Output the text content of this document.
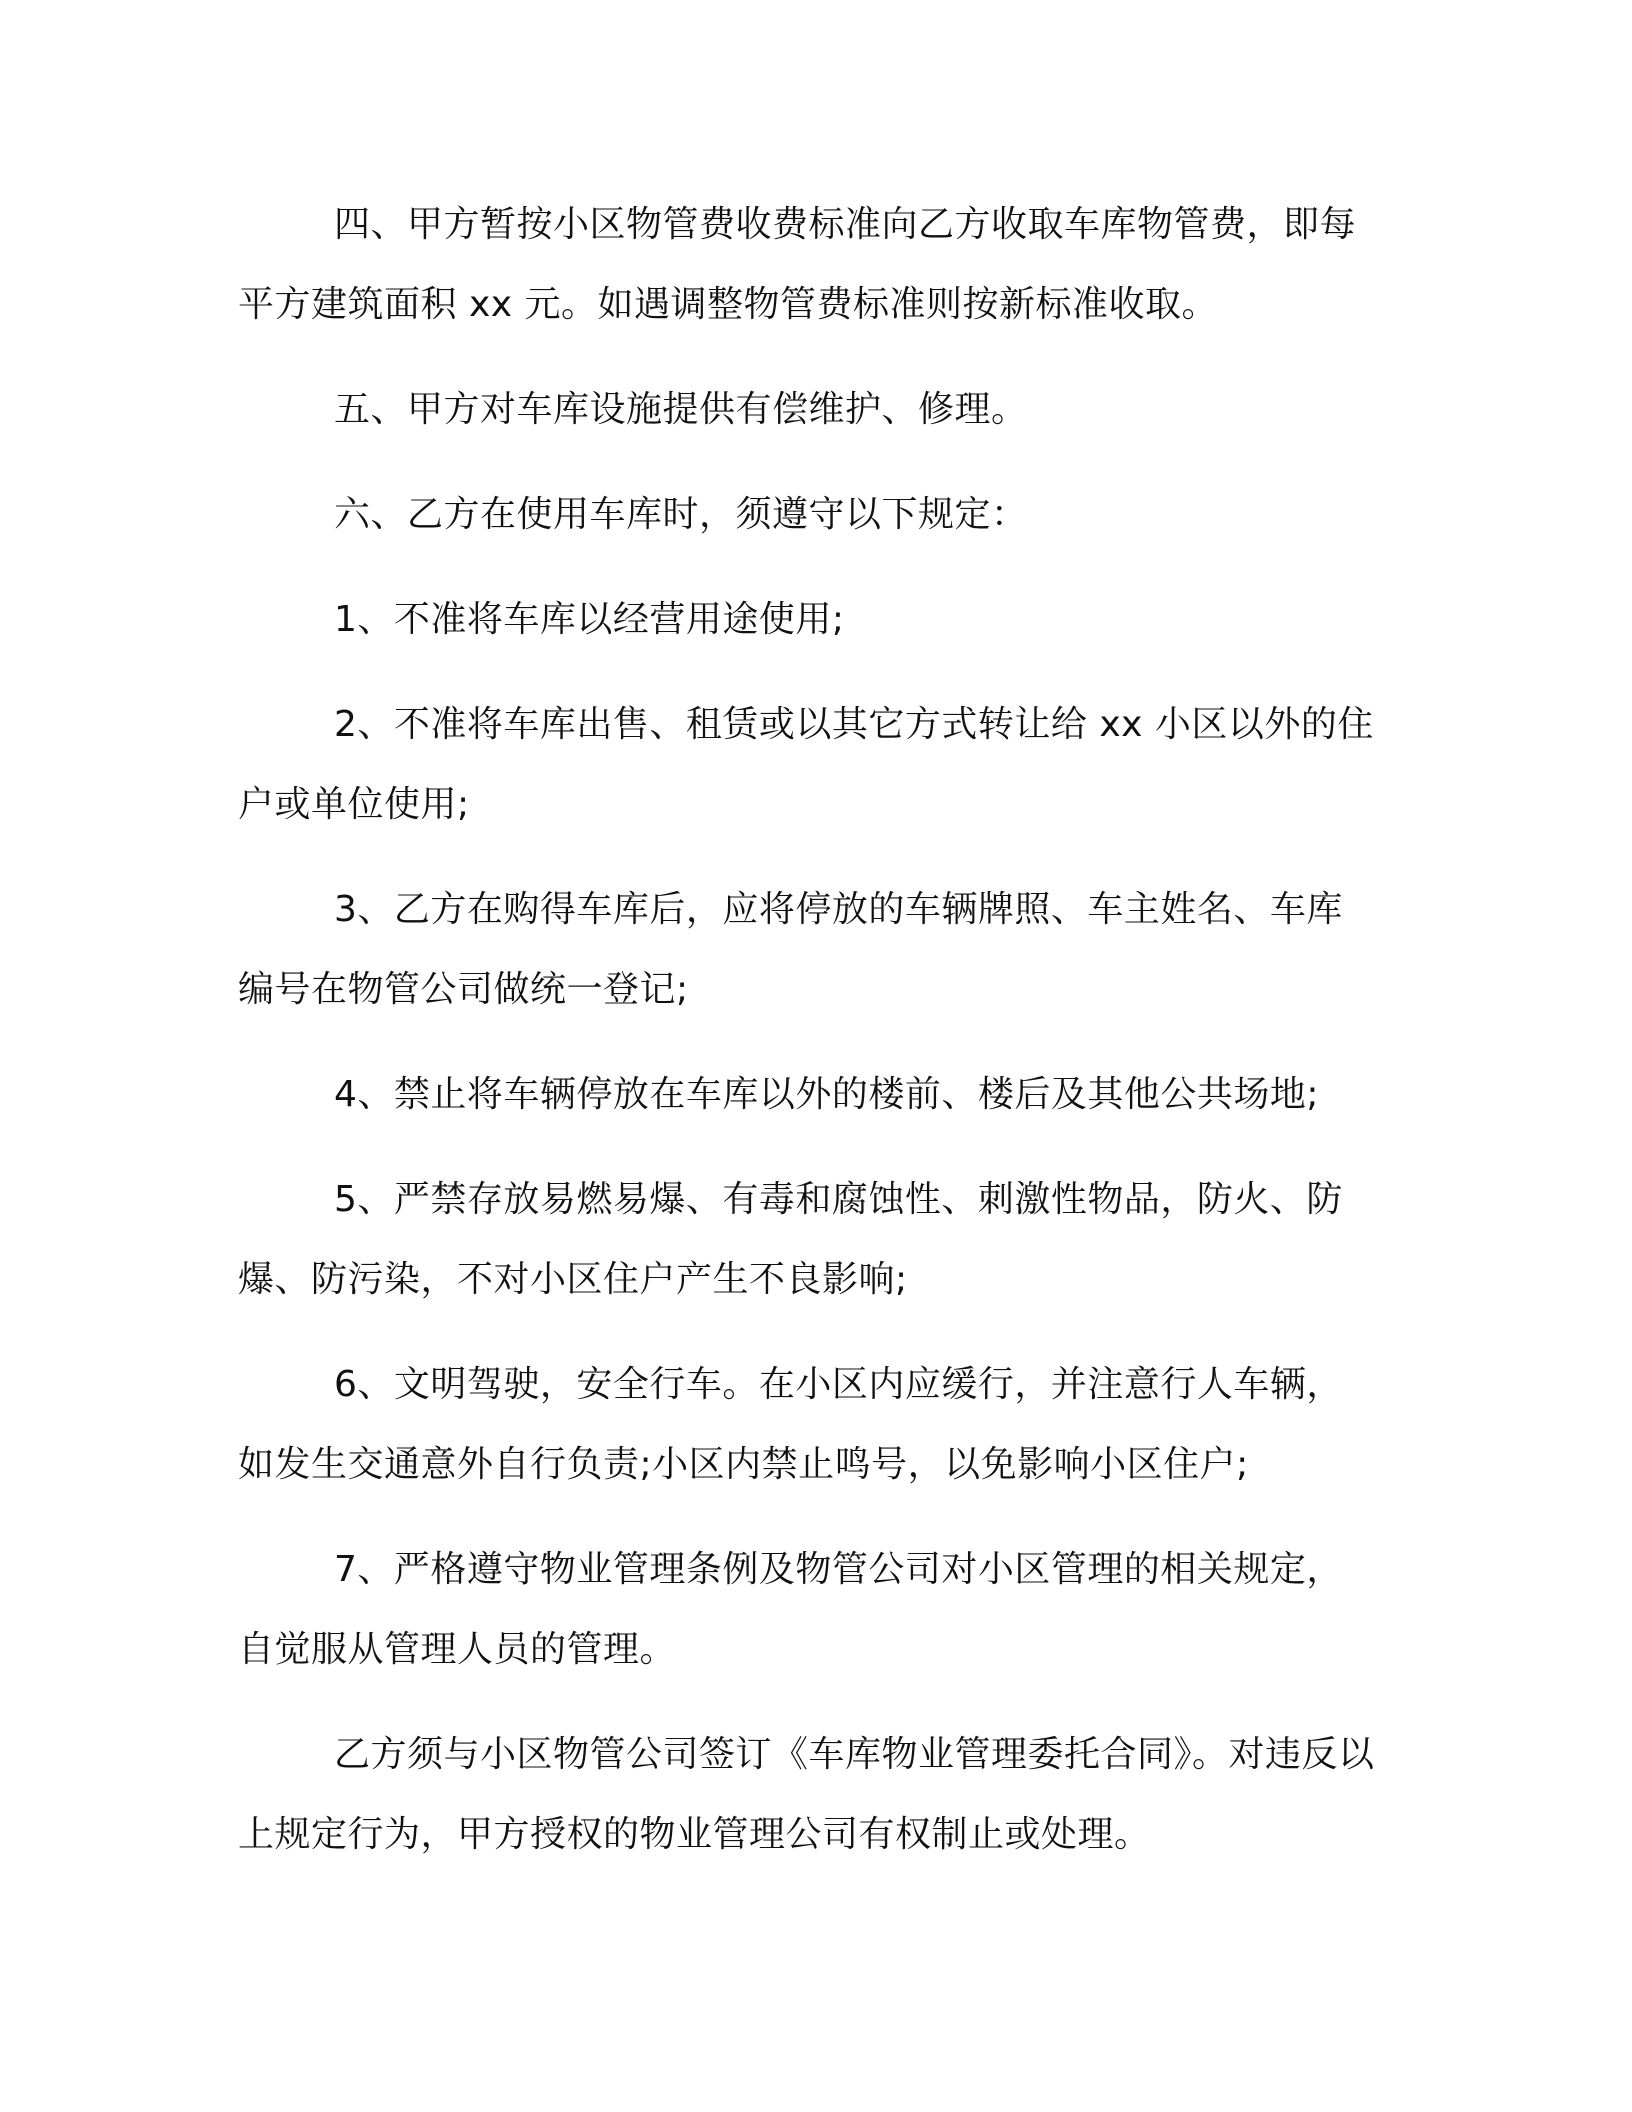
四、甲方暂按小区物管费收费标准向乙方收取车库物管费，即每平方建筑面积 xx 元。如遇调整物管费标准则按新标准收取。

五、甲方对车库设施提供有偿维护、修理。

六、乙方在使用车库时，须遵守以下规定：

1、不准将车库以经营用途使用;

2、不准将车库出售、租赁或以其它方式转让给 xx 小区以外的住户或单位使用;

3、乙方在购得车库后，应将停放的车辆牌照、车主姓名、车库编号在物管公司做统一登记;

4、禁止将车辆停放在车库以外的楼前、楼后及其他公共场地;

5、严禁存放易燃易爆、有毒和腐蚀性、刺激性物品，防火、防爆、防污染，不对小区住户产生不良影响;

6、文明驾驶，安全行车。在小区内应缓行，并注意行人车辆，如发生交通意外自行负责;小区内禁止鸣号，以免影响小区住户;

7、严格遵守物业管理条例及物管公司对小区管理的相关规定，自觉服从管理人员的管理。

乙方须与小区物管公司签订《车库物业管理委托合同》。对违反以上规定行为，甲方授权的物业管理公司有权制止或处理。
